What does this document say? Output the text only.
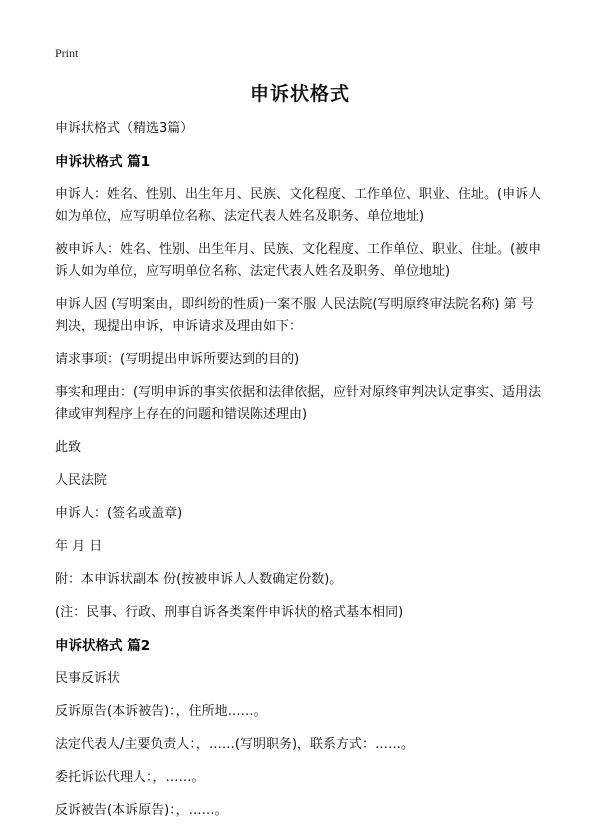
Print
申诉状格式

申诉状格式（精选3篇）

申诉状格式 篇1

申诉人：姓名、性别、出生年月、民族、文化程度、工作单位、职业、住址。(申诉人如为单位，应写明单位名称、法定代表人姓名及职务、单位地址)

被申诉人：姓名、性别、出生年月、民族、文化程度、工作单位、职业、住址。(被申诉人如为单位，应写明单位名称、法定代表人姓名及职务、单位地址)

申诉人因 (写明案由，即纠纷的性质)一案不服 人民法院(写明原终审法院名称) 第 号 判决，现提出申诉，申诉请求及理由如下：

请求事项：(写明提出申诉所要达到的目的)

事实和理由：(写明申诉的事实依据和法律依据，应针对原终审判决认定事实、适用法律或审判程序上存在的问题和错误陈述理由)

此致

人民法院

申诉人：(签名或盖章)

年 月 日

附：本申诉状副本 份(按被申诉人人数确定份数)。

(注：民事、行政、刑事自诉各类案件申诉状的格式基本相同)

申诉状格式 篇2

民事反诉状

反诉原告(本诉被告)：，住所地……。

法定代表人/主要负责人：，……(写明职务)，联系方式：……。

委托诉讼代理人：，……。

反诉被告(本诉原告)：，……。
